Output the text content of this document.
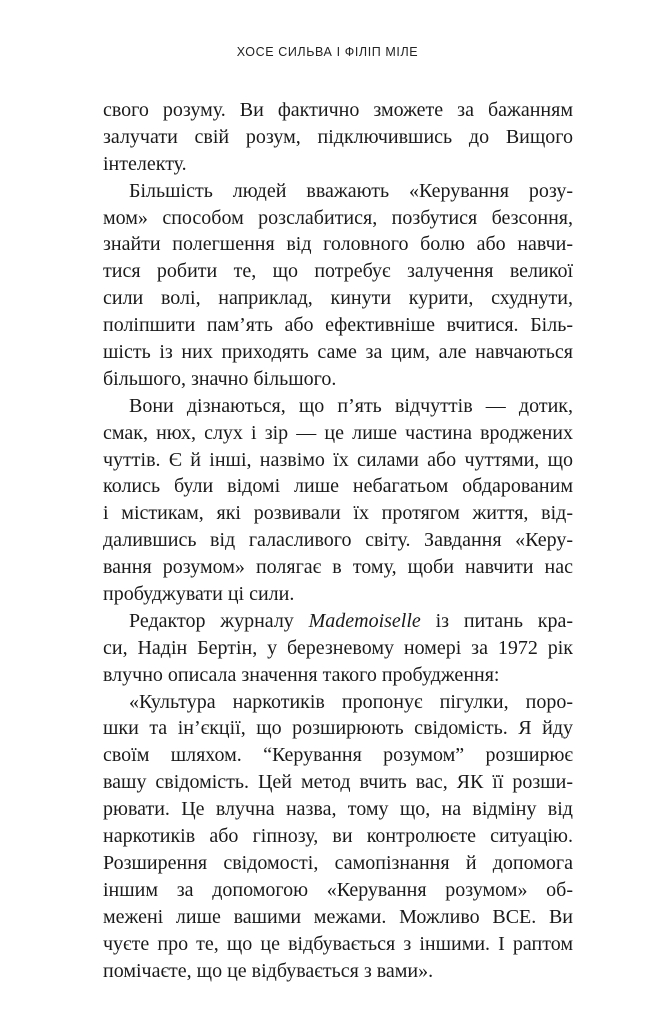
ХОСЕ СИЛЬВА І ФІЛІП МІЛЕ
свого розуму. Ви фактично зможете за бажанням
залучати свій розум, підключившись до Вищого
інтелекту.
Більшість людей вважають «Керування розу-
мом» способом розслабитися, позбутися безсоння,
знайти полегшення від головного болю або навчи-
тися робити те, що потребує залучення великої
сили волі, наприклад, кинути курити, схуднути,
поліпшити пам’ять або ефективніше вчитися. Біль-
шість із них приходять саме за цим, але навчаються
більшого, значно більшого.
Вони дізнаються, що п’ять відчуттів — дотик,
смак, нюх, слух і зір — це лише частина вроджених
чуттів. Є й інші, назвімо їх силами або чуттями, що
колись були відомі лише небагатьом обдарованим
і містикам, які розвивали їх протягом життя, від-
далившись від галасливого світу. Завдання «Керу-
вання розумом» полягає в тому, щоби навчити нас
пробуджувати ці сили.
Редактор журналу Mademoiselle із питань кра-
си, Надін Бертін, у березневому номері за 1972 рік
влучно описала значення такого пробудження:
«Культура наркотиків пропонує пігулки, поро-
шки та ін’єкції, що розширюють свідомість. Я йду
своїм шляхом. “Керування розумом” розширює
вашу свідомість. Цей метод вчить вас, ЯК її розши-
рювати. Це влучна назва, тому що, на відміну від
наркотиків або гіпнозу, ви контролюєте ситуацію.
Розширення свідомості, самопізнання й допомога
іншим за допомогою «Керування розумом» об-
межені лише вашими межами. Можливо ВСЕ. Ви
чуєте про те, що це відбувається з іншими. І раптом
помічаєте, що це відбувається з вами».
